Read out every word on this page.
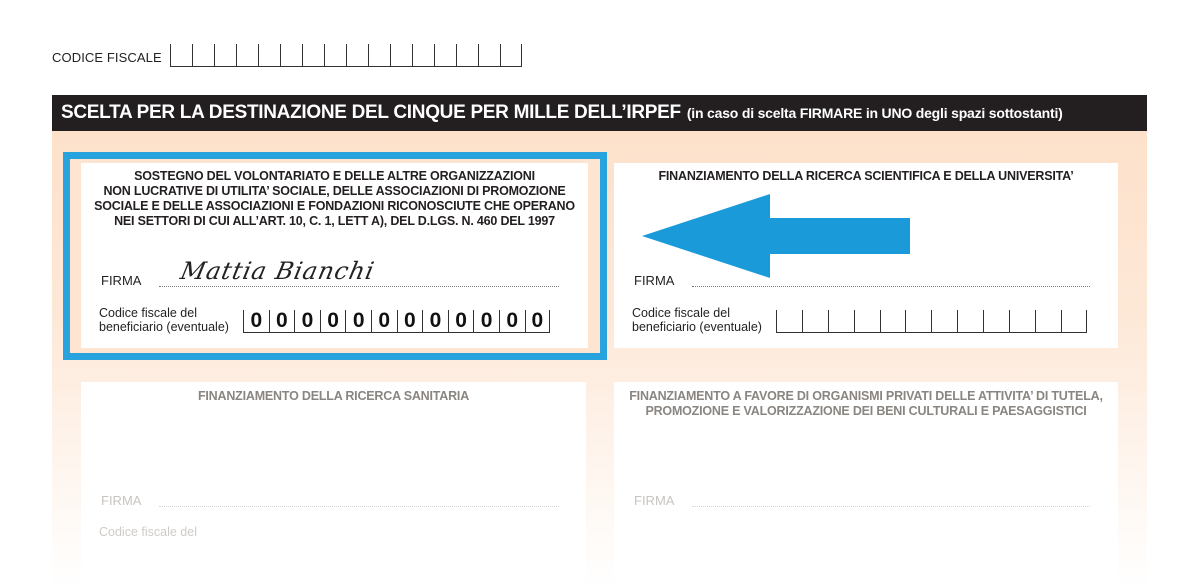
CODICE FISCALE
SCELTA PER LA DESTINAZIONE DEL CINQUE PER MILLE DELL’IRPEF (in caso di scelta FIRMARE in UNO degli spazi sottostanti)
SOSTEGNO DEL VOLONTARIATO E DELLE ALTRE ORGANIZZAZIONI
NON LUCRATIVE DI UTILITA’ SOCIALE, DELLE ASSOCIAZIONI DI PROMOZIONE
SOCIALE E DELLE ASSOCIAZIONI E FONDAZIONI RICONOSCIUTE CHE OPERANO
NEI SETTORI DI CUI ALL’ART. 10, C. 1, LETT A), DEL D.LGS. N. 460 DEL 1997
FIRMA Mattia Bianchi
Codice fiscale del
beneficiario (eventuale)	0 0 0 0 0 0 0 0 0 0 0 0
FINANZIAMENTO DELLA RICERCA SCIENTIFICA E DELLA UNIVERSITA’
FIRMA
Codice fiscale del
beneficiario (eventuale)
FINANZIAMENTO DELLA RICERCA SANITARIA
FIRMA
Codice fiscale del
FINANZIAMENTO A FAVORE DI ORGANISMI PRIVATI DELLE ATTIVITA’ DI TUTELA,
PROMOZIONE E VALORIZZAZIONE DEI BENI CULTURALI E PAESAGGISTICI
FIRMA
